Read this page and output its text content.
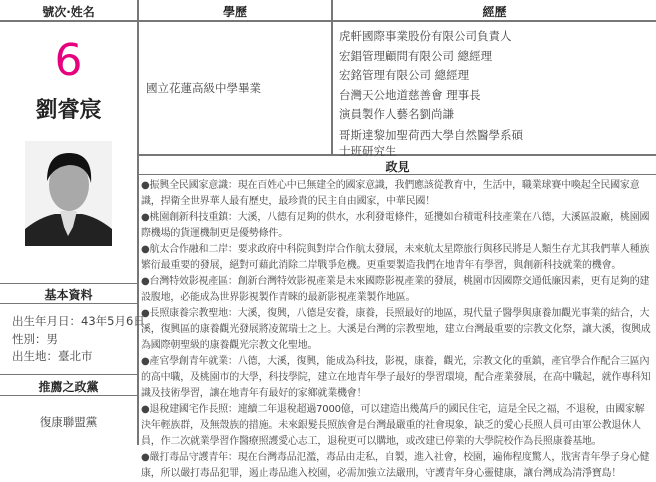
號次·姓名	學歷	經歷
政見
基本資料
推薦之政黨
6
劉睿宸
國立花蓮高級中學畢業
虎軒國際事業股份有限公司負責人
宏錩管理顧問有限公司 總經理
宏銘管理有限公司 總經理
台灣天公地道慈善會 理事長
演員製作人藝名劉尚謙
哥斯達黎加聖荷西大學自然醫學系碩士班研究生

●振興全民國家意識：現在百姓心中已無建全的國家意識，我們應該從教育中，生活中，職業球賽中喚起全民國家意識，捍衛全世界華人最有歷史，最珍貴的民主自由國家，中華民國！

●桃園創新科技重鎮：大溪，八德有足夠的供水，水利發電條件，延攬如台積電科技產業在八德，大溪區設廠，桃園國際機場的貨運機制更是優勢條件。

●航太合作融和二岸：要求政府中科院與對岸合作航太發展，未來航太星際旅行與移民將是人類生存尤其我們華人種族繁衍最重要的發展，絕對可藉此消除二岸戰爭危機。更重要製造我們在地青年有學習，與創新科技就業的機會。

●台灣特效影視產區：創新台灣特效影視產業是未來國際影視產業的發展，桃園市因國際交通低廉因素，更有足夠的建設腹地，必能成為世界影視製作青睞的最新影視產業製作地區。

●長照康養宗教聖地：大溪，復興，八德是安養，康養，長照最好的地區，現代量子醫學與康養加觀光事業的結合，大溪，復興區的康養觀光發展將凌駕瑞士之上。大溪是台灣的宗教聖地，建立台灣最重要的宗教文化祭，讓大溪，復興成為國際朝聖級的康養觀光宗教文化聖地。

●產官學創青年就業：八德，大溪，復興，能成為科技，影視，康養，觀光，宗教文化的重鎮，產官學合作配合三區內的高中職，及桃園市的大學，科技學院，建立在地青年學子最好的學習環境，配合產業發展，在高中職起，就作專科知識及技術學習，讓在地青年有最好的家鄉就業機會！

●退稅建國宅作長照：連續二年退稅超過7000億，可以建造出幾萬戶的國民住宅，這是全民之福，不退稅，由國家解決年輕族群，及無殼族的措施。未來銀髮長照族會是台灣最嚴重的社會現象，缺乏的愛心長照人員可由軍公教退休人員，作二次就業學習作醫療照護愛心志工，退稅更可以購地，或改建已停業的大學院校作為長照康養基地。

●嚴打毒品守護青年：現在台灣毒品氾濫，毒品由走私，自製，進入社會，校園，遍佈程度驚人，戕害青年學子身心健康，所以嚴打毒品犯罪，遏止毒品進入校園，必需加強立法嚴刑，守護青年身心靈健康，讓台灣成為清淨寶島！

出生年月日：43年5月6日
性別：男
出生地：臺北市
復康聯盟黨
